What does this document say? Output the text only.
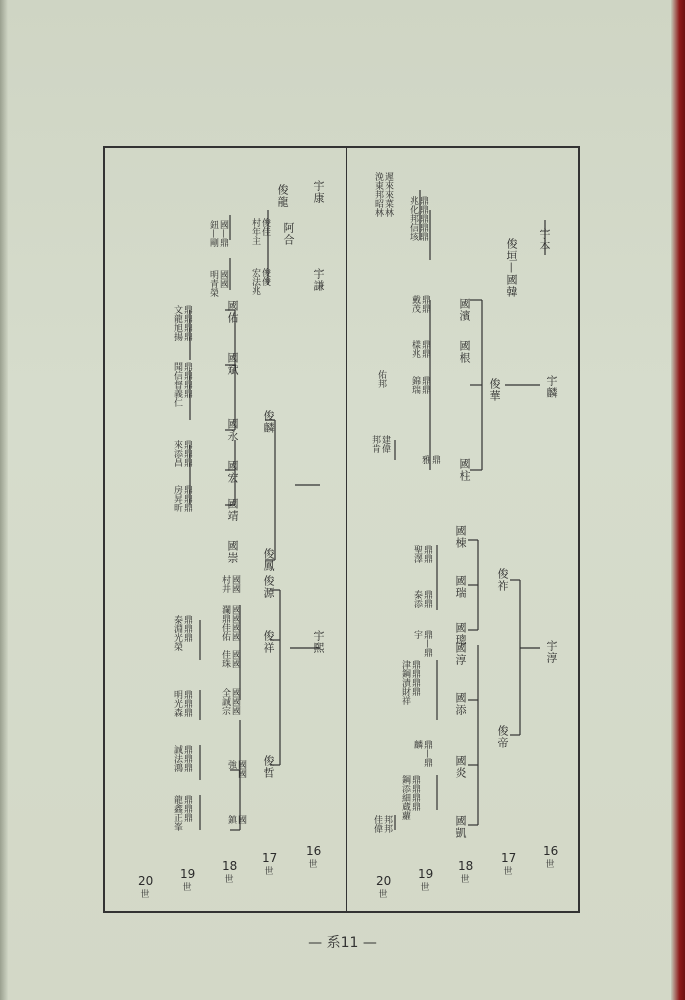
宇本
俊垣—國韓
鼎鼎鼎鼎鼎
兆化邦信垓
遲來來菜林
浼東邦昭林
宇麟
俊華
國濱
國根
國柱
鼎鼎
戴茂
鼎鼎
樣兆
鼎鼎
錦瑞
鼎
雅
佑邦
建偉
邦肯
宇淳
俊祚
俊帝
國棟
國瑞
國璁
國淳
國添
國炎
國凱
鼎鼎
聖澤
鼎鼎
泰添
鼎—鼎
宇
鼎鼎鼎鼎
津鋼漬財祥
鼎—鼎
麟
鼎鼎鼎鼎
鋼添細蔵蘿
邦邦
佳偉
宇康
俊龍
阿合
俊佳
村年主
俊俊
宏法兆
國—鼎
鈕—剛
國國
明青榮	宇謙
俊麟
俊鳳
國佑
國斌
國永
國宏
國靖
國崇
鼎鼎鼎鼎
文龍旭揚
鼎鼎鼎鼎
聞信督義仁
鼎鼎鼎
來添昌
鼎鼎鼎
房昇昕
宇熙
俊源
俊祥
俊哲
國國
村井
國國國國
瀾鼎佳佑
國國
佳珠
國國國
全誠宗
國國
強
國
鎮
鼎鼎鼎
泰淵光榮
鼎鼎鼎
明光森
鼎鼎鼎
誠法鴻
鼎鼎鼎
龍鑫正峯
16
世
17
世
18
世
19
世
20
世
16
世
17
世
18
世
19
世
20
世
— 系11 —
